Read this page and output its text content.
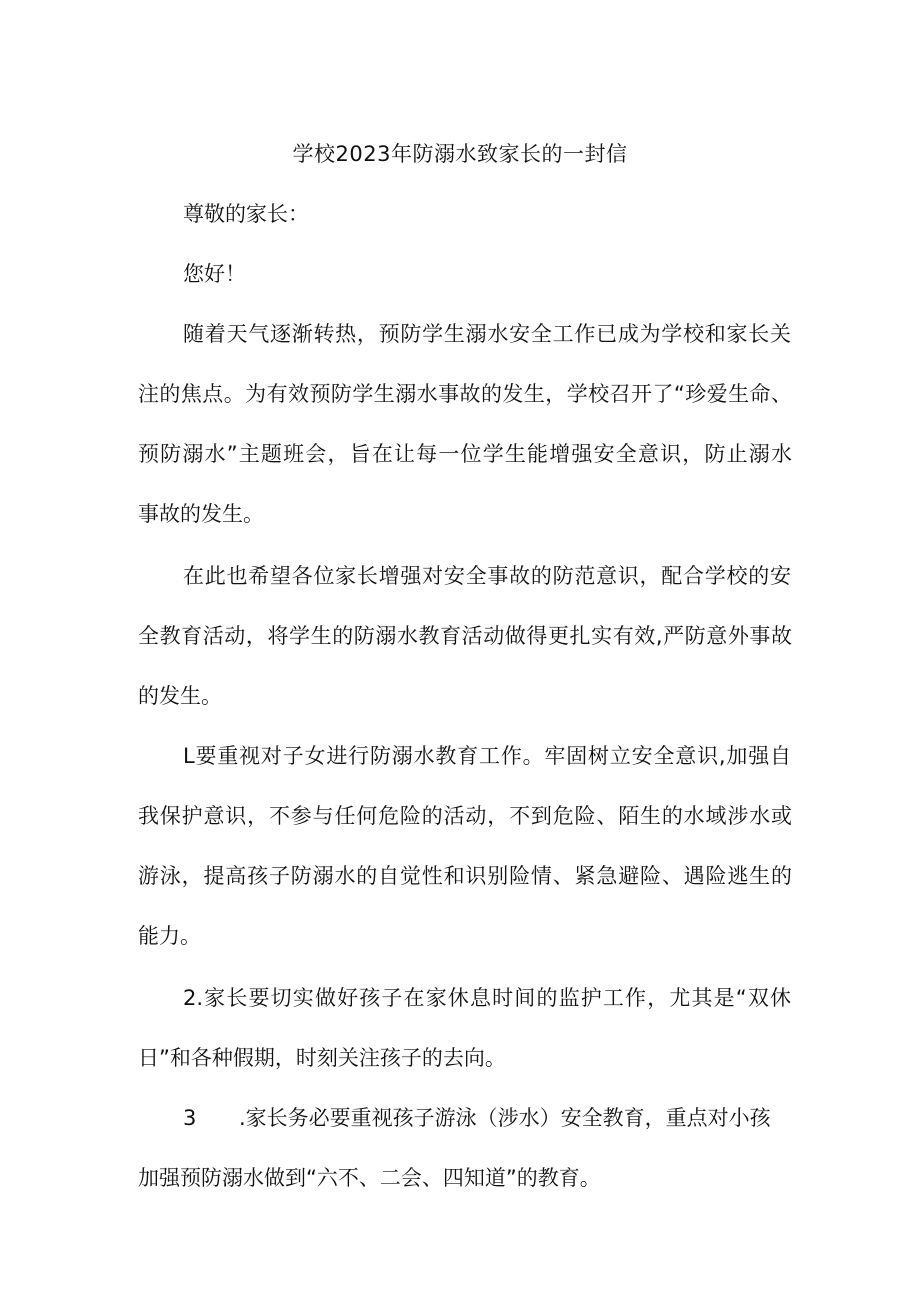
学校2023年防溺水致家长的一封信
尊敬的家长：
您好！
随着天气逐渐转热，预防学生溺水安全工作已成为学校和家长关
注的焦点。为有效预防学生溺水事故的发生，学校召开了“珍爱生命、
预防溺水”主题班会，旨在让每一位学生能增强安全意识，防止溺水
事故的发生。
在此也希望各位家长增强对安全事故的防范意识，配合学校的安
全教育活动，将学生的防溺水教育活动做得更扎实有效,严防意外事故
的发生。
L要重视对子女进行防溺水教育工作。牢固树立安全意识,加强自
我保护意识，不参与任何危险的活动，不到危险、陌生的水域涉水或
游泳，提高孩子防溺水的自觉性和识别险情、紧急避险、遇险逃生的
能力。
2.家长要切实做好孩子在家休息时间的监护工作，尤其是“双休
日”和各种假期，时刻关注孩子的去向。
3 .家长务必要重视孩子游泳（涉水）安全教育，重点对小孩
加强预防溺水做到“六不、二会、四知道”的教育。
